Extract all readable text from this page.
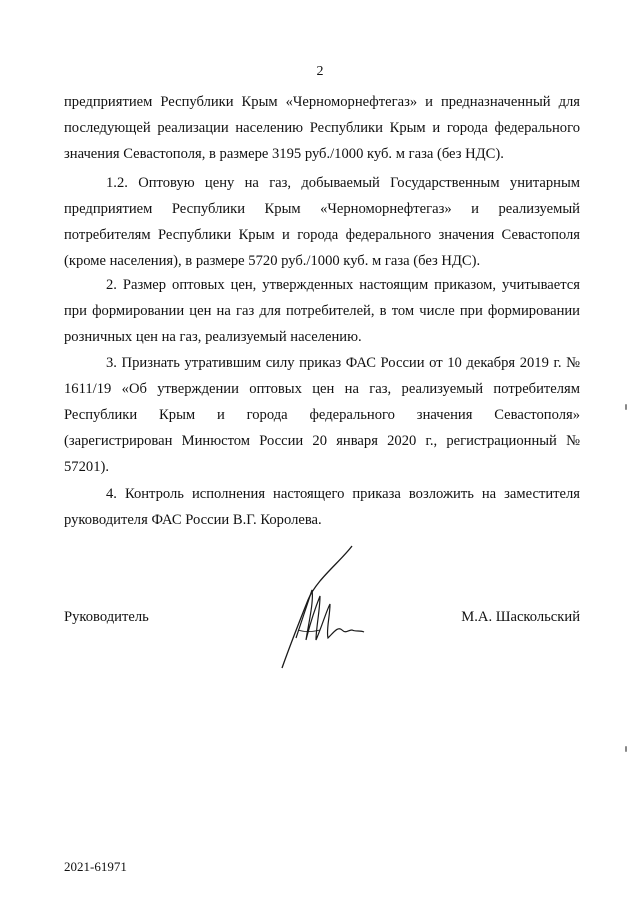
2

предприятием Республики Крым «Черноморнефтегаз» и предназначенный для последующей реализации населению Республики Крым и города федерального значения Севастополя, в размере 3195 руб./1000 куб. м газа (без НДС).

1.2. Оптовую цену на газ, добываемый Государственным унитарным предприятием Республики Крым «Черноморнефтегаз» и реализуемый потребителям Республики Крым и города федерального значения Севастополя (кроме населения), в размере 5720 руб./1000 куб. м газа (без НДС).

2. Размер оптовых цен, утвержденных настоящим приказом, учитывается при формировании цен на газ для потребителей, в том числе при формировании розничных цен на газ, реализуемый населению.

3. Признать утратившим силу приказ ФАС России от 10 декабря 2019 г. № 1611/19 «Об утверждении оптовых цен на газ, реализуемый потребителям Республики Крым и города федерального значения Севастополя» (зарегистрирован Минюстом России 20 января 2020 г., регистрационный № 57201).

4. Контроль исполнения настоящего приказа возложить на заместителя руководителя ФАС России В.Г. Королева.

Руководитель	М.А. Шаскольский
2021-61971
